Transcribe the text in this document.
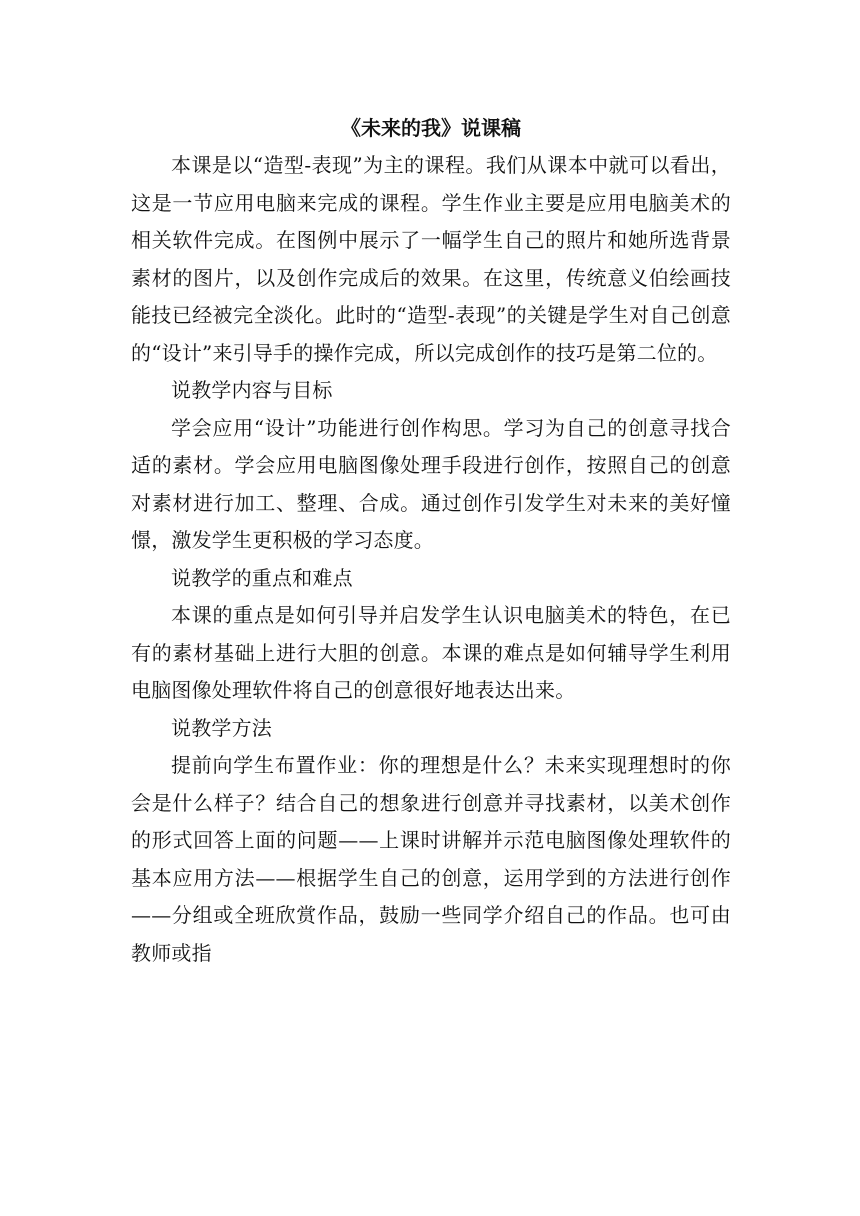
《未来的我》说课稿

本课是以“造型-表现”为主的课程。我们从课本中就可以看出，这是一节应用电脑来完成的课程。学生作业主要是应用电脑美术的相关软件完成。在图例中展示了一幅学生自己的照片和她所选背景素材的图片，以及创作完成后的效果。在这里，传统意义伯绘画技能技已经被完全淡化。此时的“造型-表现”的关键是学生对自己创意的“设计”来引导手的操作完成，所以完成创作的技巧是第二位的。

说教学内容与目标

学会应用“设计”功能进行创作构思。学习为自己的创意寻找合适的素材。学会应用电脑图像处理手段进行创作，按照自己的创意对素材进行加工、整理、合成。通过创作引发学生对未来的美好憧憬，激发学生更积极的学习态度。

说教学的重点和难点

本课的重点是如何引导并启发学生认识电脑美术的特色，在已有的素材基础上进行大胆的创意。本课的难点是如何辅导学生利用电脑图像处理软件将自己的创意很好地表达出来。

说教学方法

提前向学生布置作业：你的理想是什么？未来实现理想时的你会是什么样子？结合自己的想象进行创意并寻找素材，以美术创作的形式回答上面的问题——上课时讲解并示范电脑图像处理软件的基本应用方法——根据学生自己的创意，运用学到的方法进行创作——分组或全班欣赏作品，鼓励一些同学介绍自己的作品。也可由教师或指
